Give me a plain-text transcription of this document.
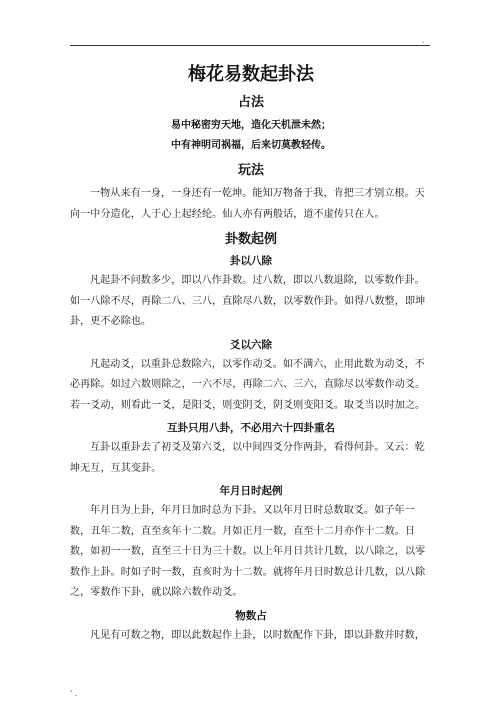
.
梅花易数起卦法
占法
易中秘密穷天地，造化天机泄未然；
中有神明司祸福，后来切莫教轻传。
玩法

一物从来有一身，一身还有一乾坤。能知万物备于我，肯把三才别立根。天向一中分造化，人于心上起经纶。仙人亦有两般话，道不虚传只在人。

卦数起例
卦以八除

凡起卦不问数多少，即以八作卦数。过八数，即以八数退除，以零数作卦。如一八除不尽，再除二八、三八，直除尽八数，以零数作卦。如得八数整，即坤卦，更不必除也。

爻以六除

凡起动爻，以重卦总数除六，以零作动爻。如不满六，止用此数为动爻，不必再除。如过六数则除之，一六不尽，再除二六、三六，直除尽以零数作动爻。若一爻动，则看此一爻，是阳爻，则变阴爻，阴爻则变阳爻。取爻当以时加之。

互卦只用八卦，不必用六十四卦重名

互卦以重卦去了初爻及第六爻，以中间四爻分作两卦，看得何卦。又云：乾坤无互，互其变卦。

年月日时起例

年月日为上卦，年月日加时总为下卦。又以年月日时总数取爻。如子年一数，丑年二数，直至亥年十二数。月如正月一数，直至十二月亦作十二数。日数，如初一一数，直至三十日为三十数。以上年月日共计几数，以八除之，以零数作上卦。时如子时一数，直亥时为十二数。就将年月日时数总计几数，以八除之，零数作下卦，就以除六数作动爻。

物数占

凡见有可数之物，即以此数起作上卦，以时数配作下卦，即以卦数并时数，

' .
